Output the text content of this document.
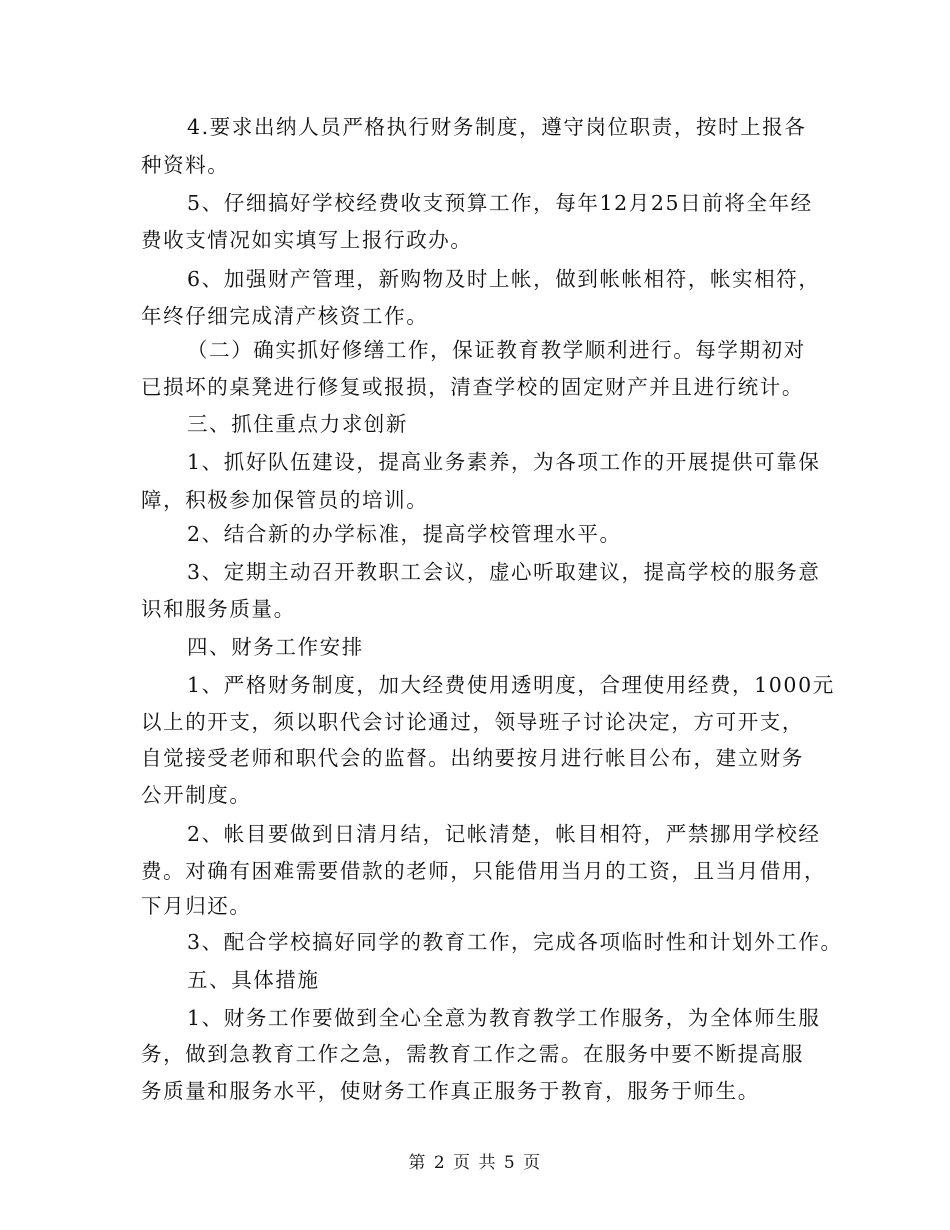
4.要求出纳人员严格执行财务制度，遵守岗位职责，按时上报各
种资料。
5、仔细搞好学校经费收支预算工作，每年12月25日前将全年经
费收支情况如实填写上报行政办。
6、加强财产管理，新购物及时上帐，做到帐帐相符，帐实相符，
年终仔细完成清产核资工作。
（二）确实抓好修缮工作，保证教育教学顺利进行。每学期初对
已损坏的桌凳进行修复或报损，清查学校的固定财产并且进行统计。
三、抓住重点力求创新
1、抓好队伍建设，提高业务素养，为各项工作的开展提供可靠保
障，积极参加保管员的培训。
2、结合新的办学标准，提高学校管理水平。
3、定期主动召开教职工会议，虚心听取建议，提高学校的服务意
识和服务质量。
四、财务工作安排
1、严格财务制度，加大经费使用透明度，合理使用经费，1000元
以上的开支，须以职代会讨论通过，领导班子讨论决定，方可开支，
自觉接受老师和职代会的监督。出纳要按月进行帐目公布，建立财务
公开制度。
2、帐目要做到日清月结，记帐清楚，帐目相符，严禁挪用学校经
费。对确有困难需要借款的老师，只能借用当月的工资，且当月借用，
下月归还。
3、配合学校搞好同学的教育工作，完成各项临时性和计划外工作。
五、具体措施
1、财务工作要做到全心全意为教育教学工作服务，为全体师生服
务，做到急教育工作之急，需教育工作之需。在服务中要不断提高服
务质量和服务水平，使财务工作真正服务于教育，服务于师生。
第 2 页 共 5 页
